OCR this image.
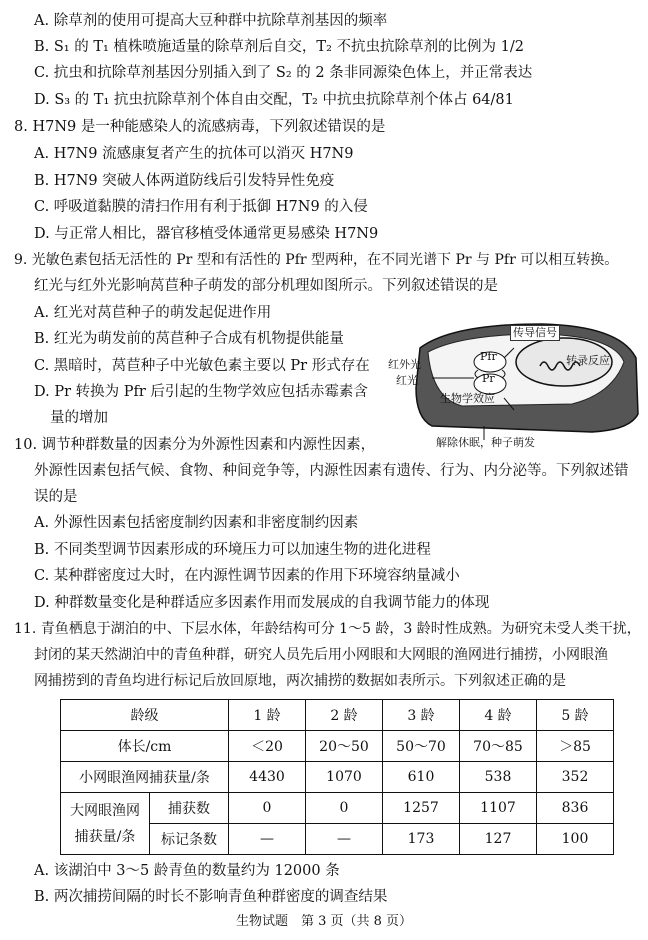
A. 除草剂的使用可提高大豆种群中抗除草剂基因的频率
B. S₁ 的 T₁ 植株喷施适量的除草剂后自交，T₂ 不抗虫抗除草剂的比例为 1/2
C. 抗虫和抗除草剂基因分别插入到了 S₂ 的 2 条非同源染色体上，并正常表达
D. S₃ 的 T₁ 抗虫抗除草剂个体自由交配，T₂ 中抗虫抗除草剂个体占 64/81
8. H7N9 是一种能感染人的流感病毒，下列叙述错误的是
A. H7N9 流感康复者产生的抗体可以消灭 H7N9
B. H7N9 突破人体两道防线后引发特异性免疫
C. 呼吸道黏膜的清扫作用有利于抵御 H7N9 的入侵
D. 与正常人相比，器官移植受体通常更易感染 H7N9
9. 光敏色素包括无活性的 Pr 型和有活性的 Pfr 型两种，在不同光谱下 Pr 与 Pfr 可以相互转换。
红光与红外光影响莴苣种子萌发的部分机理如图所示。下列叙述错误的是
A. 红光对莴苣种子的萌发起促进作用
B. 红光为萌发前的莴苣种子合成有机物提供能量
C. 黑暗时，莴苣种子中光敏色素主要以 Pr 形式存在
D. Pr 转换为 Pfr 后引起的生物学效应包括赤霉素含
量的增加
传导信号
Pfr
Pr
红外光
红光
转录反应
生物学效应
解除休眠，种子萌发
10. 调节种群数量的因素分为外源性因素和内源性因素，
外源性因素包括气候、食物、种间竞争等，内源性因素有遗传、行为、内分泌等。下列叙述错
误的是
A. 外源性因素包括密度制约因素和非密度制约因素
B. 不同类型调节因素形成的环境压力可以加速生物的进化进程
C. 某种群密度过大时，在内源性调节因素的作用下环境容纳量减小
D. 种群数量变化是种群适应多因素作用而发展成的自我调节能力的体现
11. 青鱼栖息于湖泊的中、下层水体，年龄结构可分 1～5 龄，3 龄时性成熟。为研究未受人类干扰，
封闭的某天然湖泊中的青鱼种群，研究人员先后用小网眼和大网眼的渔网进行捕捞，小网眼渔
网捕捞到的青鱼均进行标记后放回原地，两次捕捞的数据如表所示。下列叙述正确的是
龄级		1 龄	2 龄	3 龄	4 龄	5 龄
体长/cm		＜20	20～50	50～70	70～85	＞85
小网眼渔网捕获量/条		4430	1070	610	538	352

大网眼渔网
捕获量/条	捕获数	0	0	1257	1107	836
	标记条数	—	—	173	127	100
A. 该湖泊中 3～5 龄青鱼的数量约为 12000 条
B. 两次捕捞间隔的时长不影响青鱼种群密度的调查结果
生物试题　第 3 页（共 8 页）
